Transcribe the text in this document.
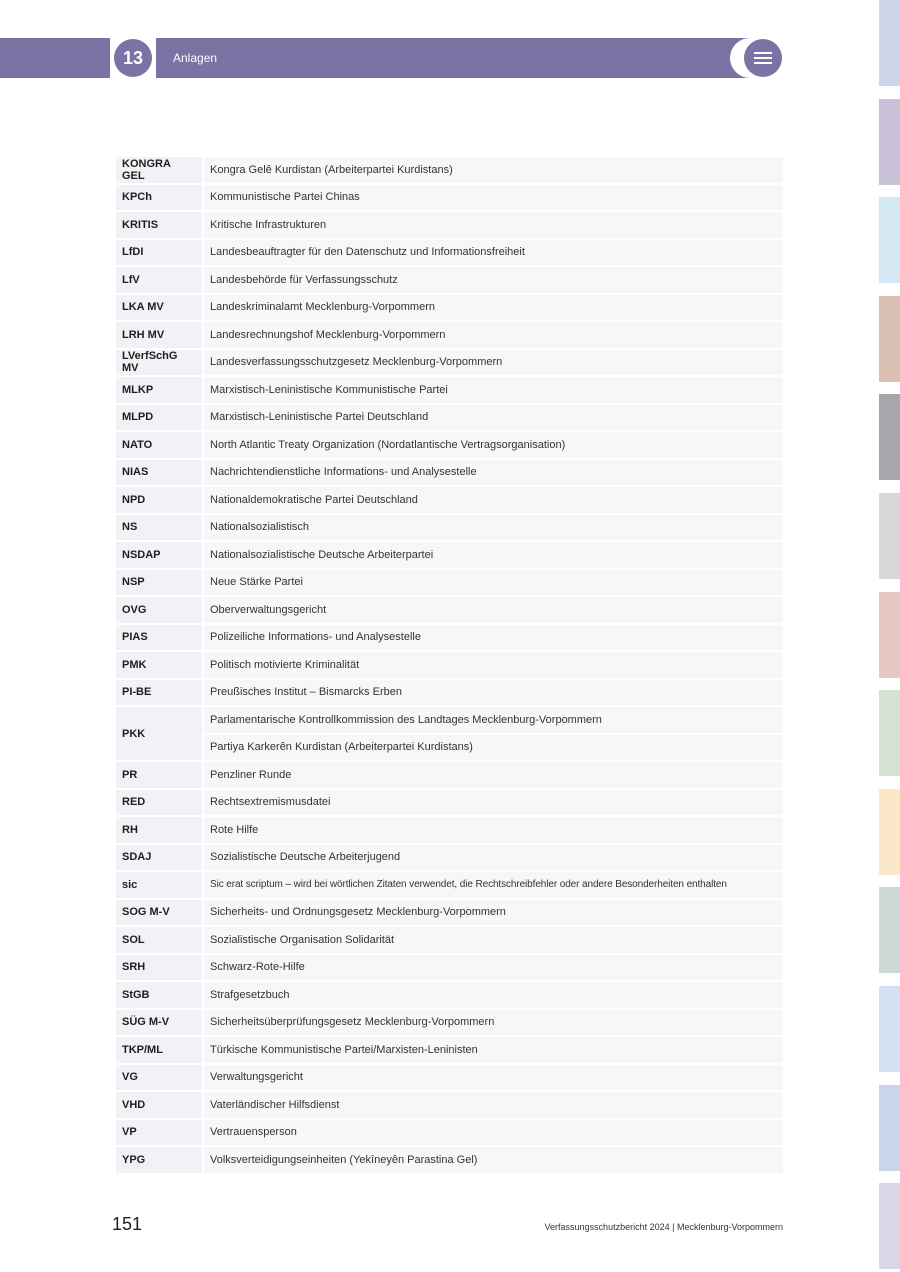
13	Anlagen
KONGRA GEL	Kongra Gelê Kurdistan (Arbeiterpartei Kurdistans)
KPCh	Kommunistische Partei Chinas
KRITIS	Kritische Infrastrukturen
LfDI	Landesbeauftragter für den Datenschutz und Informationsfreiheit
LfV	Landesbehörde für Verfassungsschutz
LKA MV	Landeskriminalamt Mecklenburg-Vorpommern
LRH MV	Landesrechnungshof Mecklenburg-Vorpommern
LVerfSchG MV	Landesverfassungsschutzgesetz Mecklenburg-Vorpommern
MLKP	Marxistisch-Leninistische Kommunistische Partei
MLPD	Marxistisch-Leninistische Partei Deutschland
NATO	North Atlantic Treaty Organization (Nordatlantische Vertragsorganisation)
NIAS	Nachrichtendienstliche Informations- und Analysestelle
NPD	Nationaldemokratische Partei Deutschland
NS	Nationalsozialistisch
NSDAP	Nationalsozialistische Deutsche Arbeiterpartei
NSP	Neue Stärke Partei
OVG	Oberverwaltungsgericht
PIAS	Polizeiliche Informations- und Analysestelle
PMK	Politisch motivierte Kriminalität
PI-BE	Preußisches Institut – Bismarcks Erben
PKK	Parlamentarische Kontrollkommission des Landtages Mecklenburg-Vorpommern
	Partiya Karkerên Kurdistan (Arbeiterpartei Kurdistans)
PR	Penzliner Runde
RED	Rechtsextremismusdatei
RH	Rote Hilfe
SDAJ	Sozialistische Deutsche Arbeiterjugend
sic	Sic erat scriptum – wird bei wörtlichen Zitaten verwendet, die Rechtschreibfehler oder andere Besonderheiten enthalten
SOG M-V	Sicherheits- und Ordnungsgesetz Mecklenburg-Vorpommern
SOL	Sozialistische Organisation Solidarität
SRH	Schwarz-Rote-Hilfe
StGB	Strafgesetzbuch
SÜG M-V	Sicherheitsüberprüfungsgesetz Mecklenburg-Vorpommern
TKP/ML	Türkische Kommunistische Partei/Marxisten-Leninisten
VG	Verwaltungsgericht
VHD	Vaterländischer Hilfsdienst
VP	Vertrauensperson
YPG	Volksverteidigungseinheiten (Yekîneyên Parastina Gel)
151	Verfassungsschutzbericht 2024 | Mecklenburg-Vorpommern
